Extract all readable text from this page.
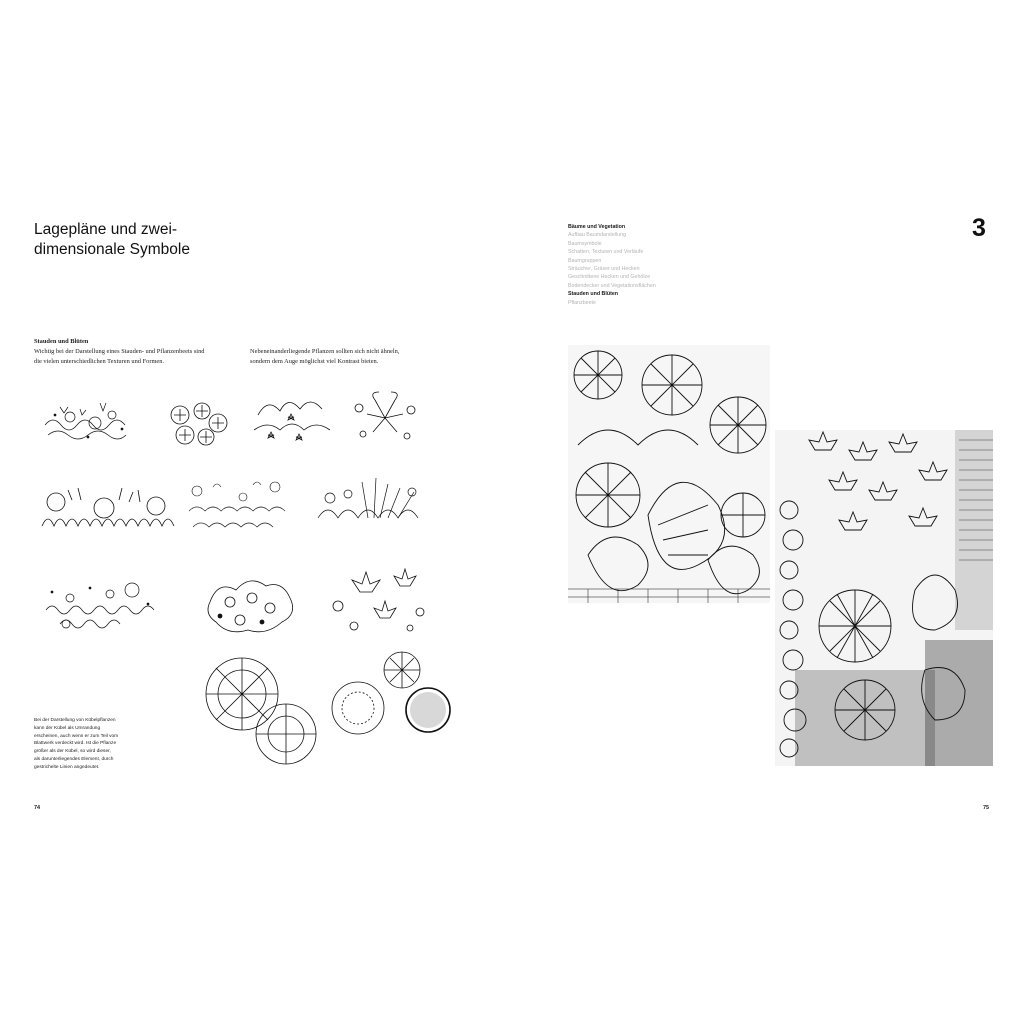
Lagepläne und zwei-
dimensionale Symbole
Stauden und Blüten
Wichtig bei der Darstellung eines Stauden- und Pflanzenbeets sind
die vielen unterschiedlichen Texturen und Formen.
Nebeneinanderliegende Pflanzen sollten sich nicht ähneln,
sondern dem Auge möglichst viel Kontrast bieten.
Bei der Darstellung von Kübelpflanzen
kann der Kübel als Umrandung
erscheinen, auch wenn er zum Teil vom
Blattwerk verdeckt wird. Ist die Pflanze
größer als der Kübel, so wird dieser,
als darunterliegendes Element, durch
gestrichelte Linien angedeutet.
74
Bäume und Vegetation
Aufbau Baumdarstellung
Baumsymbole
Schatten, Texturen und Verläufe
Baumgruppen
Sträucher, Gräser und Hecken
Geschnittene Hecken und Gehölze
Bodendecker und Vegetationsflächen
Stauden und Blüten
Pflanzbeete
3
75
